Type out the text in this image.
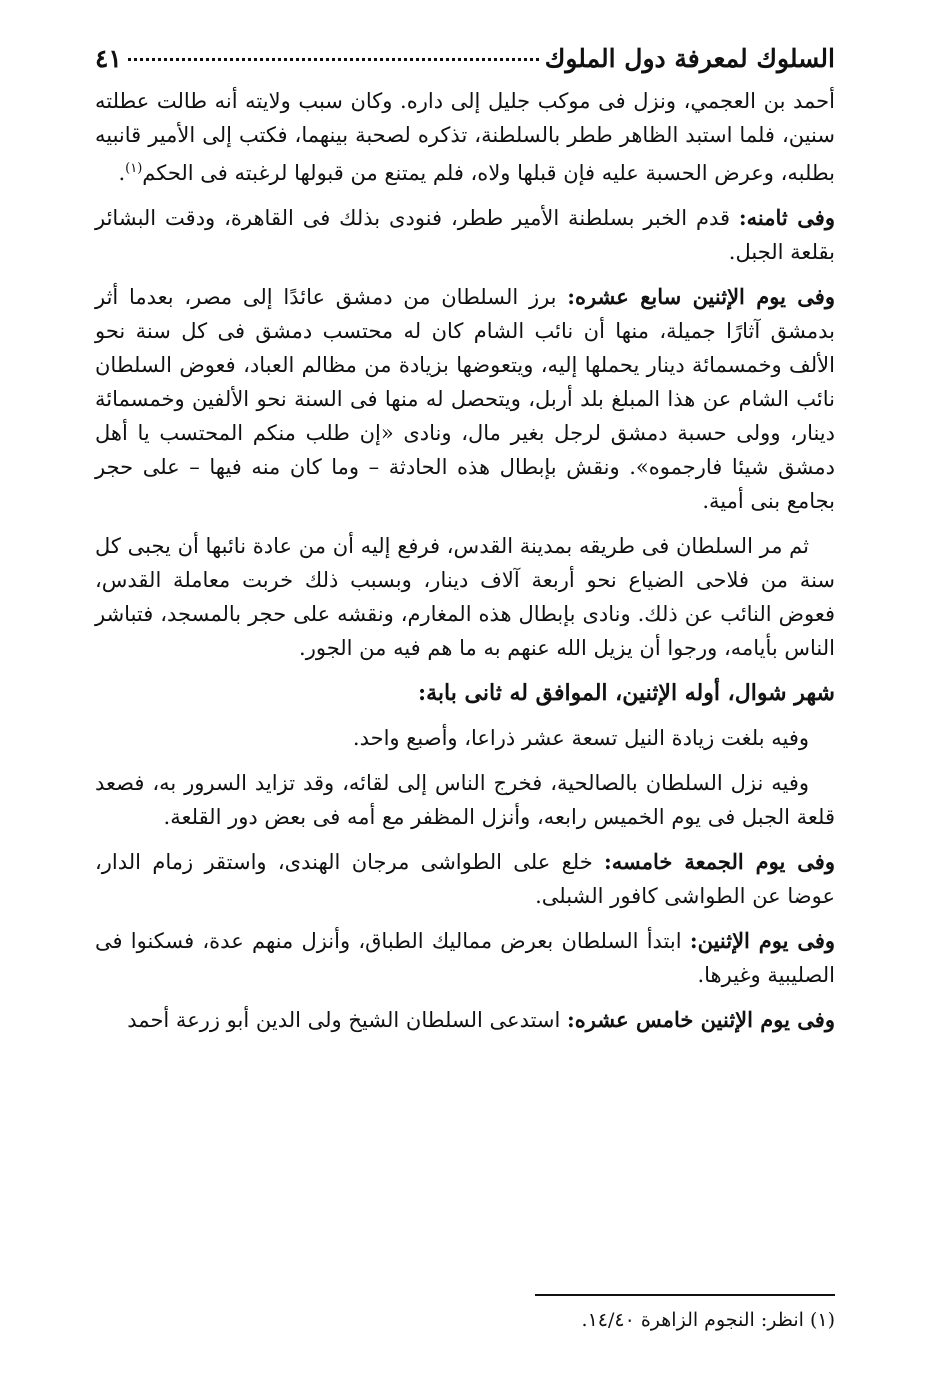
السلوك لمعرفة دول الملوك
٤١

أحمد بن العجمي، ونزل فى موكب جليل إلى داره. وكان سبب ولايته أنه طالت عطلته سنين، فلما استبد الظاهر ططر بالسلطنة، تذكره لصحبة بينهما، فكتب إلى الأمير قانبيه بطلبه، وعرض الحسبة عليه فإن قبلها ولاه، فلم يمتنع من قبولها لرغبته فى الحكم$^{(١)}$.

وفى ثامنه: قدم الخبر بسلطنة الأمير ططر، فنودى بذلك فى القاهرة، ودقت البشائر بقلعة الجبل.

وفى يوم الإثنين سابع عشره: برز السلطان من دمشق عائدًا إلى مصر، بعدما أثر بدمشق آثارًا جميلة، منها أن نائب الشام كان له محتسب دمشق فى كل سنة نحو الألف وخمسمائة دينار يحملها إليه، ويتعوضها بزيادة من مظالم العباد، فعوض السلطان نائب الشام عن هذا المبلغ بلد أربل، ويتحصل له منها فى السنة نحو الألفين وخمسمائة دينار، وولى حسبة دمشق لرجل بغير مال، ونادى «إن طلب منكم المحتسب يا أهل دمشق شيئا فارجموه». ونقش بإبطال هذه الحادثة – وما كان منه فيها – على حجر بجامع بنى أمية.

ثم مر السلطان فى طريقه بمدينة القدس، فرفع إليه أن من عادة نائبها أن يجبى كل سنة من فلاحى الضياع نحو أربعة آلاف دينار، وبسبب ذلك خربت معاملة القدس، فعوض النائب عن ذلك. ونادى بإبطال هذه المغارم، ونقشه على حجر بالمسجد، فتباشر الناس بأيامه، ورجوا أن يزيل الله عنهم به ما هم فيه من الجور.

شهر شوال، أوله الإثنين، الموافق له ثانى بابة:

وفيه بلغت زيادة النيل تسعة عشر ذراعا، وأصبع واحد.

وفيه نزل السلطان بالصالحية، فخرج الناس إلى لقائه، وقد تزايد السرور به، فصعد قلعة الجبل فى يوم الخميس رابعه، وأنزل المظفر مع أمه فى بعض دور القلعة.

وفى يوم الجمعة خامسه: خلع على الطواشى مرجان الهندى، واستقر زمام الدار، عوضا عن الطواشى كافور الشبلى.

وفى يوم الإثنين: ابتدأ السلطان بعرض مماليك الطباق، وأنزل منهم عدة، فسكنوا فى الصليبية وغيرها.

وفى يوم الإثنين خامس عشره: استدعى السلطان الشيخ ولى الدين أبو زرعة أحمد

(١) انظر: النجوم الزاهرة ١٤/٤٠.
